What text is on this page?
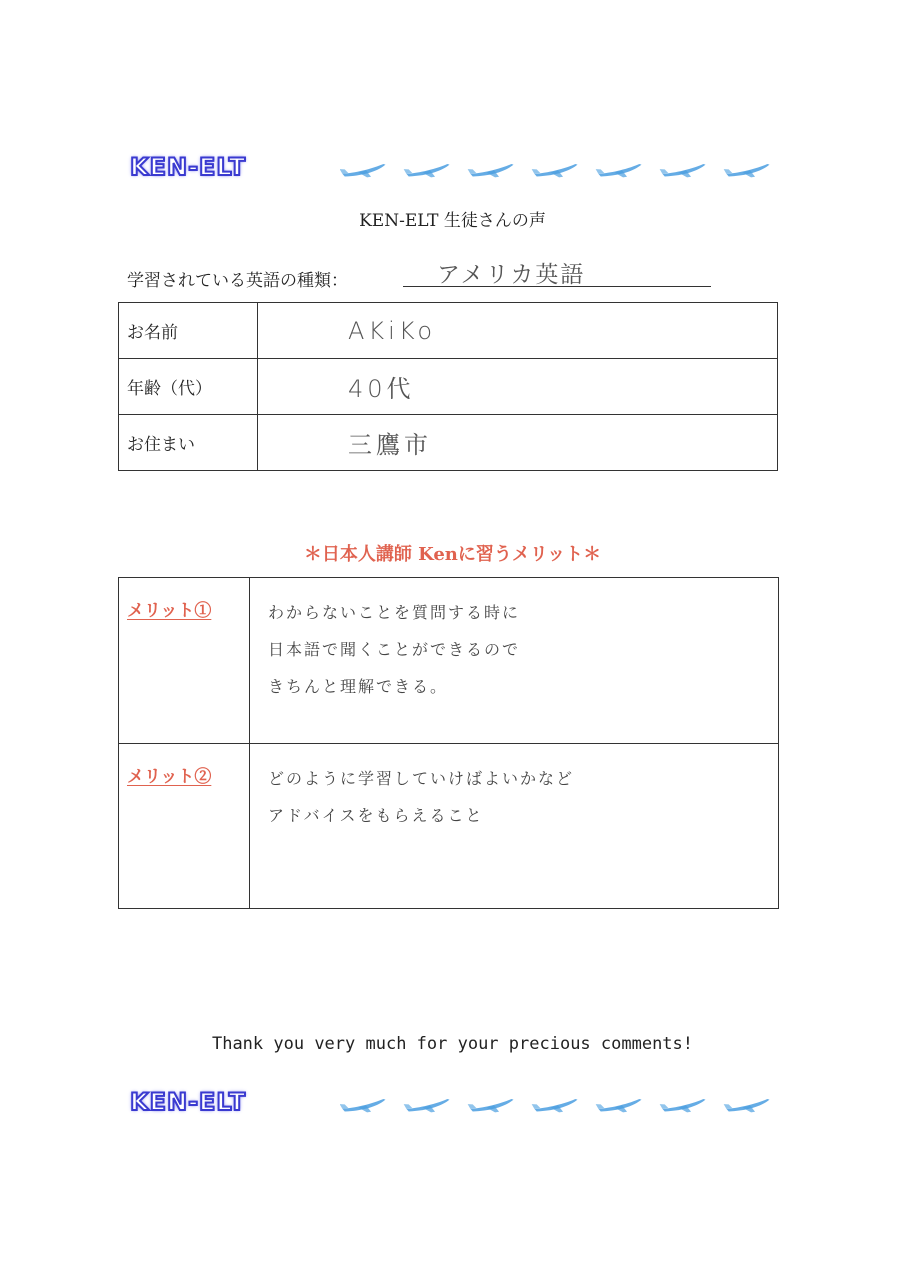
KEN-ELT
KEN-ELT 生徒さんの声
学習されている英語の種類：	アメリカ英語
お名前	AKiKo
年齢（代）	40代
お住まい	三鷹市
＊日本人講師 Kenに習うメリット＊
メリット①	わからないことを質問する時に
日本語で聞くことができるので
きちんと理解できる。

メリット②	どのように学習していけばよいかなど
アドバイスをもらえること
Thank you very much for your precious comments!
KEN-ELT
